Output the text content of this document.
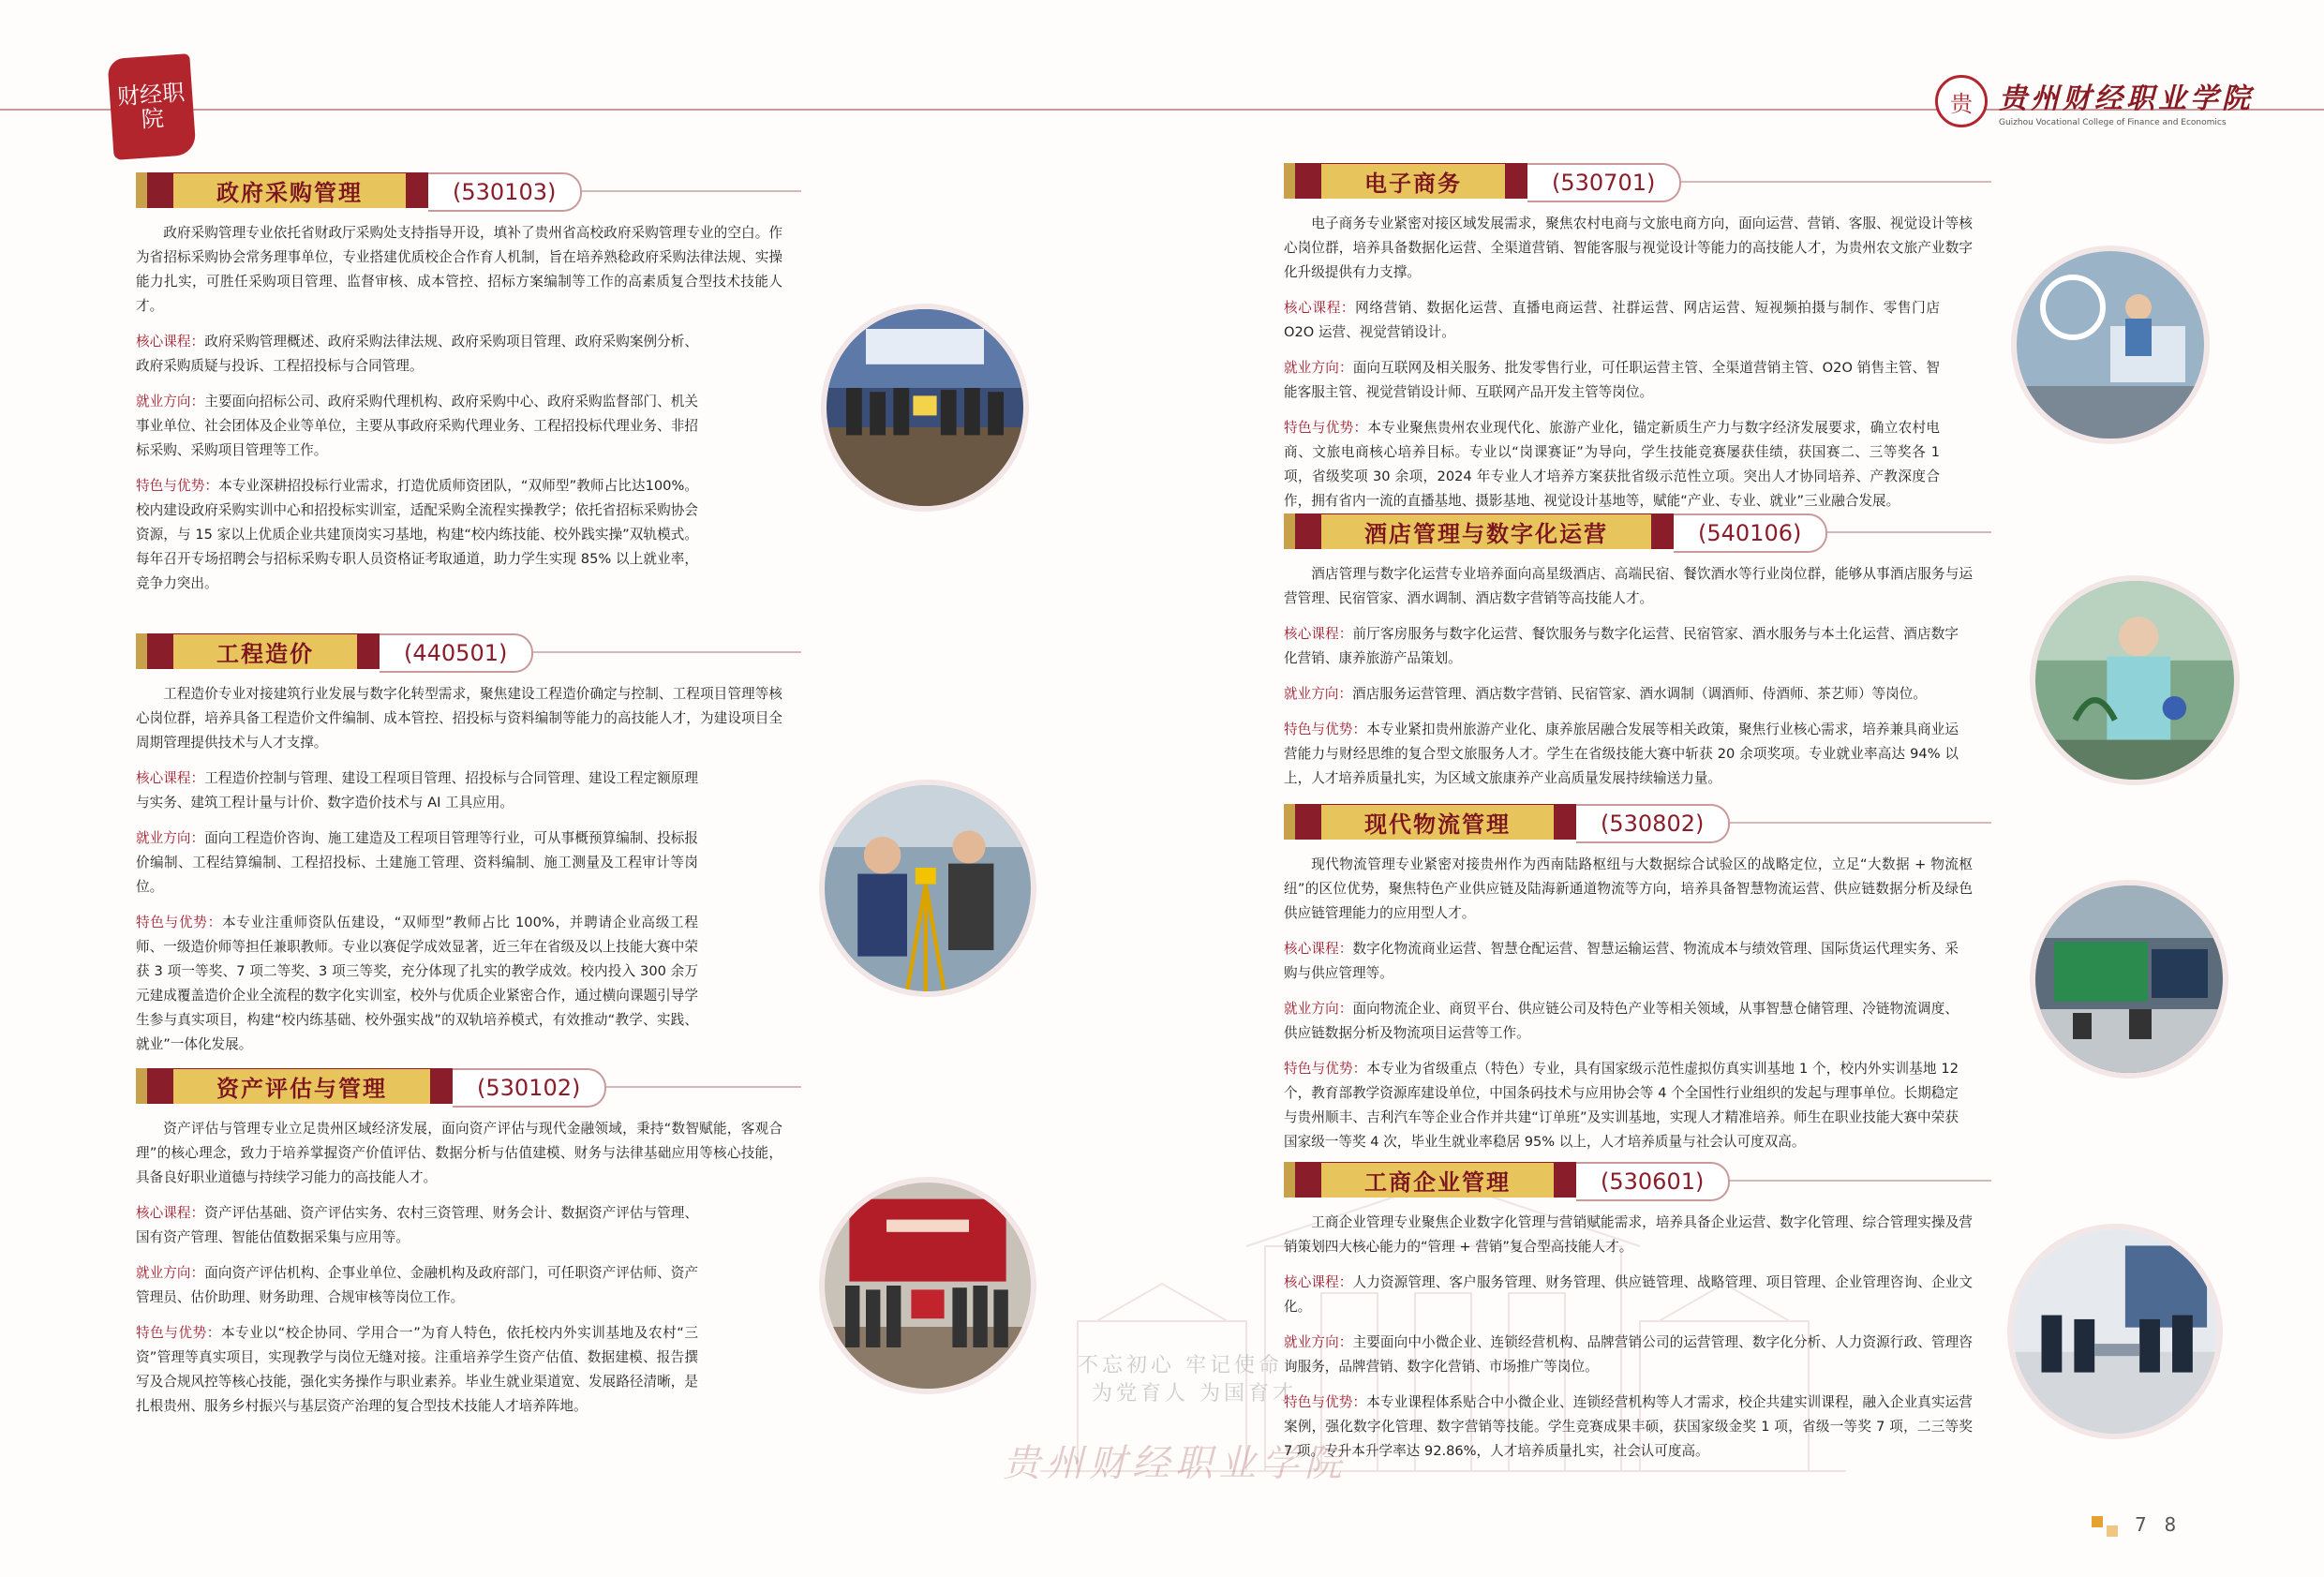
财经职院
贵 贵州财经职业学院
Guizhou Vocational College of Finance and Economics
不忘初心 牢记使命
为党育人 为国育才
贵州财经职业学院
政府采购管理	(530103)
政府采购管理专业依托省财政厅采购处支持指导开设，填补了贵州省高校政府采购管理专业的空白。作为省招标采购协会常务理事单位，专业搭建优质校企合作育人机制，旨在培养熟稔政府采购法律法规、实操能力扎实，可胜任采购项目管理、监督审核、成本管控、招标方案编制等工作的高素质复合型技术技能人才。
核心课程：政府采购管理概述、政府采购法律法规、政府采购项目管理、政府采购案例分析、政府采购质疑与投诉、工程招投标与合同管理。
就业方向：主要面向招标公司、政府采购代理机构、政府采购中心、政府采购监督部门、机关事业单位、社会团体及企业等单位，主要从事政府采购代理业务、工程招投标代理业务、非招标采购、采购项目管理等工作。
特色与优势：本专业深耕招投标行业需求，打造优质师资团队，“双师型”教师占比达100%。校内建设政府采购实训中心和招投标实训室，适配采购全流程实操教学；依托省招标采购协会资源，与 15 家以上优质企业共建顶岗实习基地，构建“校内练技能、校外践实操”双轨模式。每年召开专场招聘会与招标采购专职人员资格证考取通道，助力学生实现 85% 以上就业率，竞争力突出。
工程造价	(440501)
工程造价专业对接建筑行业发展与数字化转型需求，聚焦建设工程造价确定与控制、工程项目管理等核心岗位群，培养具备工程造价文件编制、成本管控、招投标与资料编制等能力的高技能人才，为建设项目全周期管理提供技术与人才支撑。
核心课程：工程造价控制与管理、建设工程项目管理、招投标与合同管理、建设工程定额原理与实务、建筑工程计量与计价、数字造价技术与 AI 工具应用。
就业方向：面向工程造价咨询、施工建造及工程项目管理等行业，可从事概预算编制、投标报价编制、工程结算编制、工程招投标、土建施工管理、资料编制、施工测量及工程审计等岗位。
特色与优势：本专业注重师资队伍建设，“双师型”教师占比 100%，并聘请企业高级工程师、一级造价师等担任兼职教师。专业以赛促学成效显著，近三年在省级及以上技能大赛中荣获 3 项一等奖、7 项二等奖、3 项三等奖，充分体现了扎实的教学成效。校内投入 300 余万元建成覆盖造价企业全流程的数字化实训室，校外与优质企业紧密合作，通过横向课题引导学生参与真实项目，构建“校内练基础、校外强实战”的双轨培养模式，有效推动“教学、实践、就业”一体化发展。
资产评估与管理	(530102)
资产评估与管理专业立足贵州区域经济发展，面向资产评估与现代金融领域，秉持“数智赋能，客观合理”的核心理念，致力于培养掌握资产价值评估、数据分析与估值建模、财务与法律基础应用等核心技能，具备良好职业道德与持续学习能力的高技能人才。
核心课程：资产评估基础、资产评估实务、农村三资管理、财务会计、数据资产评估与管理、国有资产管理、智能估值数据采集与应用等。
就业方向：面向资产评估机构、企事业单位、金融机构及政府部门，可任职资产评估师、资产管理员、估价助理、财务助理、合规审核等岗位工作。
特色与优势：本专业以“校企协同、学用合一”为育人特色，依托校内外实训基地及农村“三资”管理等真实项目，实现教学与岗位无缝对接。注重培养学生资产估值、数据建模、报告撰写及合规风控等核心技能，强化实务操作与职业素养。毕业生就业渠道宽、发展路径清晰，是扎根贵州、服务乡村振兴与基层资产治理的复合型技术技能人才培养阵地。
电子商务	(530701)
电子商务专业紧密对接区域发展需求，聚焦农村电商与文旅电商方向，面向运营、营销、客服、视觉设计等核心岗位群，培养具备数据化运营、全渠道营销、智能客服与视觉设计等能力的高技能人才，为贵州农文旅产业数字化升级提供有力支撑。
核心课程：网络营销、数据化运营、直播电商运营、社群运营、网店运营、短视频拍摄与制作、零售门店 O2O 运营、视觉营销设计。
就业方向：面向互联网及相关服务、批发零售行业，可任职运营主管、全渠道营销主管、O2O 销售主管、智能客服主管、视觉营销设计师、互联网产品开发主管等岗位。
特色与优势：本专业聚焦贵州农业现代化、旅游产业化，锚定新质生产力与数字经济发展要求，确立农村电商、文旅电商核心培养目标。专业以“岗课赛证”为导向，学生技能竞赛屡获佳绩，获国赛二、三等奖各 1 项，省级奖项 30 余项，2024 年专业人才培养方案获批省级示范性立项。突出人才协同培养、产教深度合作，拥有省内一流的直播基地、摄影基地、视觉设计基地等，赋能“产业、专业、就业”三业融合发展。
酒店管理与数字化运营	(540106)
酒店管理与数字化运营专业培养面向高星级酒店、高端民宿、餐饮酒水等行业岗位群，能够从事酒店服务与运营管理、民宿管家、酒水调制、酒店数字营销等高技能人才。
核心课程：前厅客房服务与数字化运营、餐饮服务与数字化运营、民宿管家、酒水服务与本土化运营、酒店数字化营销、康养旅游产品策划。
就业方向：酒店服务运营管理、酒店数字营销、民宿管家、酒水调制（调酒师、侍酒师、茶艺师）等岗位。
特色与优势：本专业紧扣贵州旅游产业化、康养旅居融合发展等相关政策，聚焦行业核心需求，培养兼具商业运营能力与财经思维的复合型文旅服务人才。学生在省级技能大赛中斩获 20 余项奖项。专业就业率高达 94% 以上，人才培养质量扎实，为区域文旅康养产业高质量发展持续输送力量。
现代物流管理	(530802)
现代物流管理专业紧密对接贵州作为西南陆路枢纽与大数据综合试验区的战略定位，立足“大数据 + 物流枢纽”的区位优势，聚焦特色产业供应链及陆海新通道物流等方向，培养具备智慧物流运营、供应链数据分析及绿色供应链管理能力的应用型人才。
核心课程：数字化物流商业运营、智慧仓配运营、智慧运输运营、物流成本与绩效管理、国际货运代理实务、采购与供应管理等。
就业方向：面向物流企业、商贸平台、供应链公司及特色产业等相关领域，从事智慧仓储管理、冷链物流调度、供应链数据分析及物流项目运营等工作。
特色与优势：本专业为省级重点（特色）专业，具有国家级示范性虚拟仿真实训基地 1 个，校内外实训基地 12 个，教育部教学资源库建设单位，中国条码技术与应用协会等 4 个全国性行业组织的发起与理事单位。长期稳定与贵州顺丰、吉利汽车等企业合作并共建“订单班”及实训基地，实现人才精准培养。师生在职业技能大赛中荣获国家级一等奖 4 次，毕业生就业率稳居 95% 以上，人才培养质量与社会认可度双高。
工商企业管理	(530601)
工商企业管理专业聚焦企业数字化管理与营销赋能需求，培养具备企业运营、数字化管理、综合管理实操及营销策划四大核心能力的“管理 + 营销”复合型高技能人才。
核心课程：人力资源管理、客户服务管理、财务管理、供应链管理、战略管理、项目管理、企业管理咨询、企业文化。
就业方向：主要面向中小微企业、连锁经营机构、品牌营销公司的运营管理、数字化分析、人力资源行政、管理咨询服务，品牌营销、数字化营销、市场推广等岗位。
特色与优势：本专业课程体系贴合中小微企业、连锁经营机构等人才需求，校企共建实训课程，融入企业真实运营案例，强化数字化管理、数字营销等技能。学生竞赛成果丰硕，获国家级金奖 1 项，省级一等奖 7 项，二三等奖 7 项。专升本升学率达 92.86%，人才培养质量扎实，社会认可度高。
7  8
